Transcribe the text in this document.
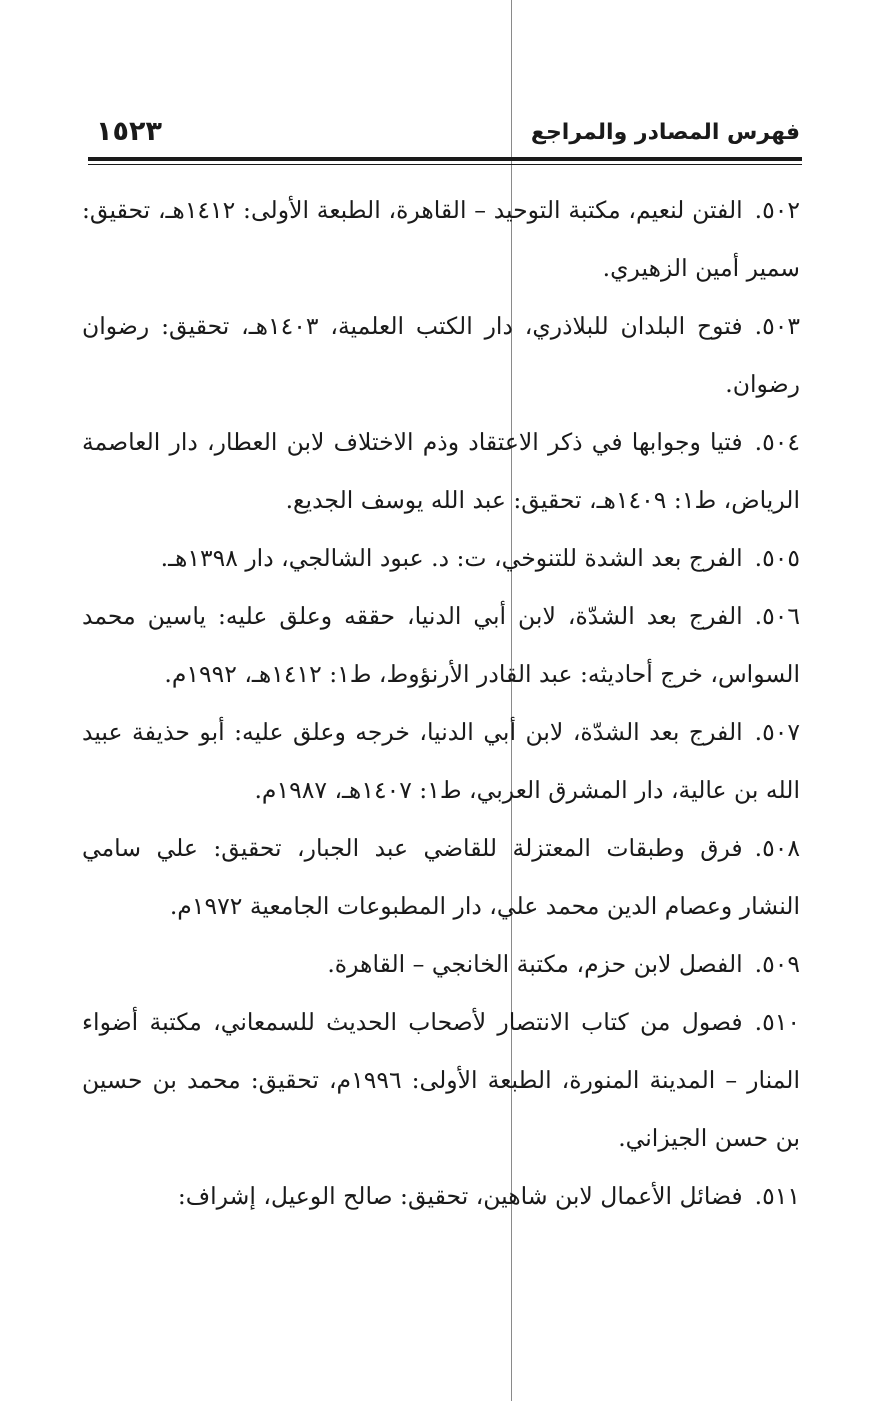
١٥٢٣	فهرس المصادر والمراجع

٥٠٢.الفتن لنعيم، مكتبة التوحيد – القاهرة، الطبعة الأولى: ١٤١٢هـ، تحقيق: سمير أمين الزهيري.

٥٠٣.فتوح البلدان للبلاذري، دار الكتب العلمية، ١٤٠٣هـ، تحقيق: رضوان رضوان.

٥٠٤.فتيا وجوابها في ذكر الاعتقاد وذم الاختلاف لابن العطار، دار العاصمة الرياض، ط١: ١٤٠٩هـ، تحقيق: عبد الله يوسف الجديع.

٥٠٥.الفرج بعد الشدة للتنوخي، ت: د. عبود الشالجي، دار ١٣٩٨هـ.

٥٠٦.الفرج بعد الشدّة، لابن أبي الدنيا، حققه وعلق عليه: ياسين محمد السواس، خرج أحاديثه: عبد القادر الأرنؤوط، ط١: ١٤١٢هـ، ١٩٩٢م.

٥٠٧.الفرج بعد الشدّة، لابن أبي الدنيا، خرجه وعلق عليه: أبو حذيفة عبيد الله بن عالية، دار المشرق العربي، ط١: ١٤٠٧هـ، ١٩٨٧م.

٥٠٨.فرق وطبقات المعتزلة للقاضي عبد الجبار، تحقيق: علي سامي النشار وعصام الدين محمد علي، دار المطبوعات الجامعية ١٩٧٢م.

٥٠٩.الفصل لابن حزم، مكتبة الخانجي – القاهرة.

٥١٠.فصول من كتاب الانتصار لأصحاب الحديث للسمعاني، مكتبة أضواء المنار – المدينة المنورة، الطبعة الأولى: ١٩٩٦م، تحقيق: محمد بن حسين بن حسن الجيزاني.

٥١١.فضائل الأعمال لابن شاهين، تحقيق: صالح الوعيل، إشراف:
